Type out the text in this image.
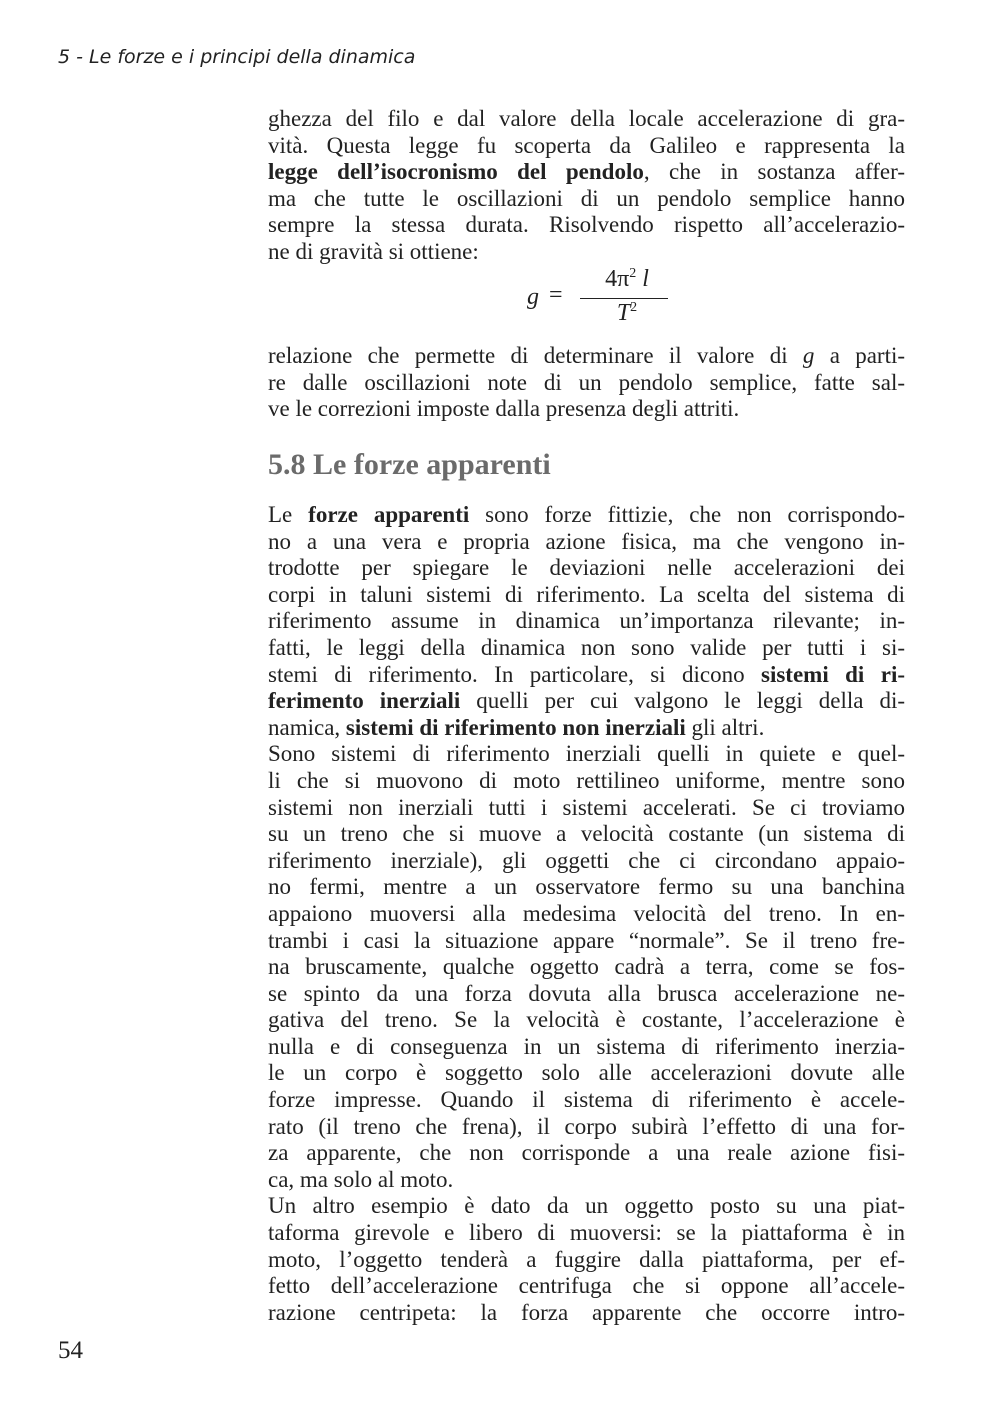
5 - Le forze e i principi della dinamica
ghezza del filo e dal valore della locale accelerazione di gra-
vità. Questa legge fu scoperta da Galileo e rappresenta la
legge dell’isocronismo del pendolo, che in sostanza affer-
ma che tutte le oscillazioni di un pendolo semplice hanno
sempre la stessa durata. Risolvendo rispetto all’accelerazio-
ne di gravità si ottiene:
g =
$4\pi^2$ l
$T^2$
relazione che permette di determinare il valore di g a parti-
re dalle oscillazioni note di un pendolo semplice, fatte sal-
ve le correzioni imposte dalla presenza degli attriti.
5.8 Le forze apparenti
Le forze apparenti sono forze fittizie, che non corrispondo-
no a una vera e propria azione fisica, ma che vengono in-
trodotte per spiegare le deviazioni nelle accelerazioni dei
corpi in taluni sistemi di riferimento. La scelta del sistema di
riferimento assume in dinamica un’importanza rilevante; in-
fatti, le leggi della dinamica non sono valide per tutti i si-
stemi di riferimento. In particolare, si dicono sistemi di ri-
ferimento inerziali quelli per cui valgono le leggi della di-
namica, sistemi di riferimento non inerziali gli altri.
Sono sistemi di riferimento inerziali quelli in quiete e quel-
li che si muovono di moto rettilineo uniforme, mentre sono
sistemi non inerziali tutti i sistemi accelerati. Se ci troviamo
su un treno che si muove a velocità costante (un sistema di
riferimento inerziale), gli oggetti che ci circondano appaio-
no fermi, mentre a un osservatore fermo su una banchina
appaiono muoversi alla medesima velocità del treno. In en-
trambi i casi la situazione appare “normale”. Se il treno fre-
na bruscamente, qualche oggetto cadrà a terra, come se fos-
se spinto da una forza dovuta alla brusca accelerazione ne-
gativa del treno. Se la velocità è costante, l’accelerazione è
nulla e di conseguenza in un sistema di riferimento inerzia-
le un corpo è soggetto solo alle accelerazioni dovute alle
forze impresse. Quando il sistema di riferimento è accele-
rato (il treno che frena), il corpo subirà l’effetto di una for-
za apparente, che non corrisponde a una reale azione fisi-
ca, ma solo al moto.
Un altro esempio è dato da un oggetto posto su una piat-
taforma girevole e libero di muoversi: se la piattaforma è in
moto, l’oggetto tenderà a fuggire dalla piattaforma, per ef-
fetto dell’accelerazione centrifuga che si oppone all’accele-
razione centripeta: la forza apparente che occorre intro-
54
